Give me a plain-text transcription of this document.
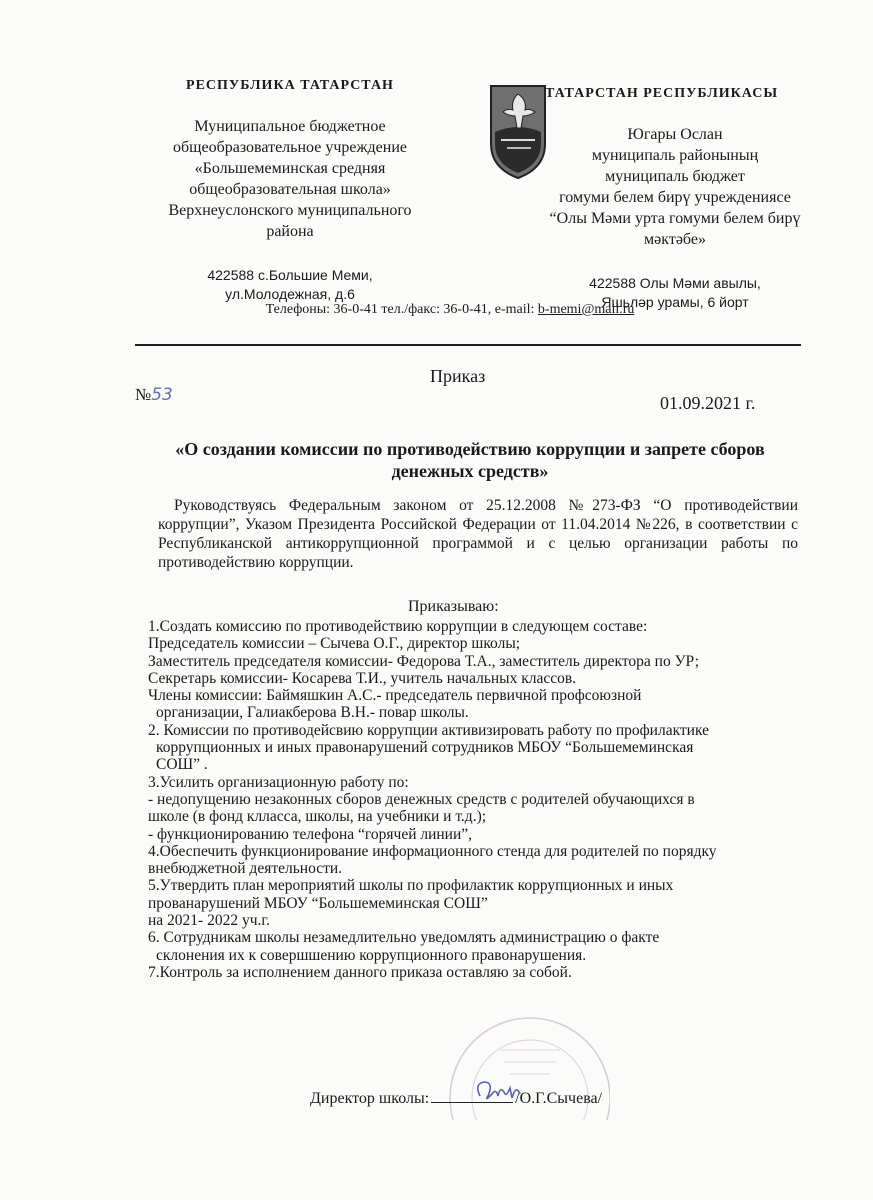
РЕСПУБЛИКА ТАТАРСТАН
Муниципальное бюджетное
общеобразовательное учреждение
«Большемеминская средняя
общеобразовательная школа»
Верхнеуслонского муниципального
района
422588 с.Большие Меми,
ул.Молодежная, д.6
ТАТАРСТАН РЕСПУБЛИКАСЫ
Югары Ослан
муниципаль районының
муниципаль бюджет
гомуми белем бирү учреждениясе
“Олы Мәми урта гомуми белем бирү
мәктәбе»
422588 Олы Мәми авылы,
Яшьләр урамы, 6 йорт
Телефоны: 36-0-41 тел./факс: 36-0-41, e-mail: b-memi@mail.ru
Приказ
№53	01.09.2021 г.
«О создании комиссии по противодействию коррупции и запрете сборов
денежных средств»
Руководствуясь Федеральным законом от 25.12.2008 №273-ФЗ “О противодействии коррупции”, Указом Президента Российской Федерации от 11.04.2014 №226, в соответствии с Республиканской антикоррупционной программой и с целью организации работы по противодействию коррупции.
Приказываю:
1.Создать комиссию по противодействию коррупции в следующем составе:
Председатель комиссии – Сычева О.Г., директор школы;
Заместитель председателя комиссии- Федорова Т.А., заместитель директора по УР;
Секретарь комиссии- Косарева Т.И., учитель начальных классов.
Члены комиссии: Баймяшкин А.С.- председатель первичной профсоюзной
организации, Галиакберова В.Н.- повар школы.
2. Комиссии по противодейсвию коррупции активизировать работу по профилактике
коррупционных и иных правонарушений сотрудников МБОУ “Большемеминская
СОШ” .
3.Усилить организационную работу по:
- недопущению незаконных сборов денежных средств с родителей обучающихся в
школе (в фонд клласса, школы, на учебники и т.д.);
- функционированию телефона “горячей линии”,
4.Обеспечить функционирование информационного стенда для родителей по порядку
внебюджетной деятельности.
5.Утвердить план мероприятий школы по профилактик коррупционных и иных
прованарушений МБОУ “Большемеминская СОШ”
на 2021- 2022 уч.г.
6. Сотрудникам школы незамедлительно уведомлять администрацию о факте
склонения их к совершшению коррупционного правонарушения.
7.Контроль за исполнением данного приказа оставляю за собой.
Директор школы:	/О.Г.Сычева/
